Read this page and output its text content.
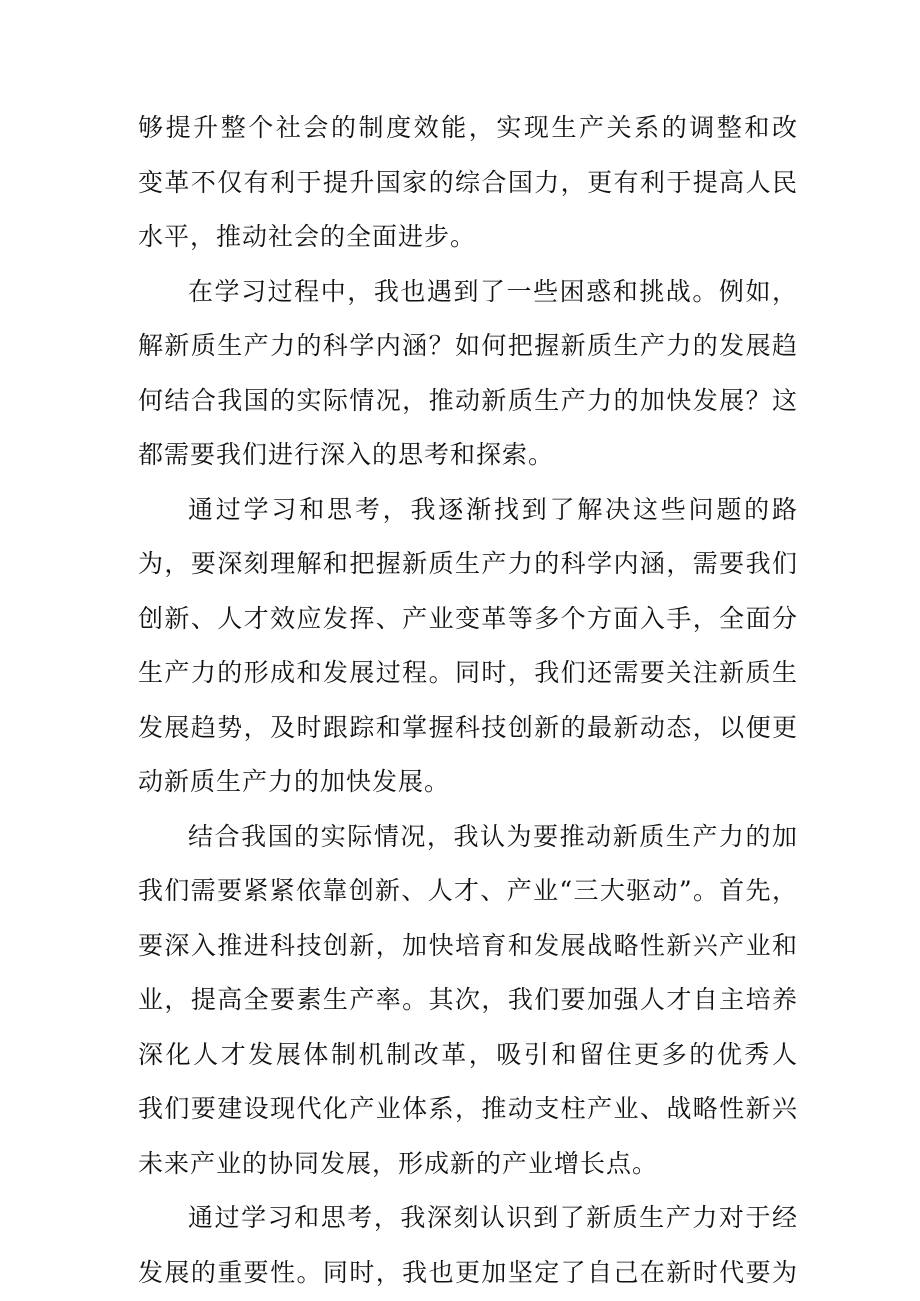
够提升整个社会的制度效能，实现生产关系的调整和改
变革不仅有利于提升国家的综合国力，更有利于提高人民
水平，推动社会的全面进步。
在学习过程中，我也遇到了一些困惑和挑战。例如，
解新质生产力的科学内涵？如何把握新质生产力的发展趋
何结合我国的实际情况，推动新质生产力的加快发展？这
都需要我们进行深入的思考和探索。
通过学习和思考，我逐渐找到了解决这些问题的路
为，要深刻理解和把握新质生产力的科学内涵，需要我们
创新、人才效应发挥、产业变革等多个方面入手，全面分
生产力的形成和发展过程。同时，我们还需要关注新质生
发展趋势，及时跟踪和掌握科技创新的最新动态，以便更
动新质生产力的加快发展。
结合我国的实际情况，我认为要推动新质生产力的加
我们需要紧紧依靠创新、人才、产业“三大驱动”。首先，
要深入推进科技创新，加快培育和发展战略性新兴产业和
业，提高全要素生产率。其次，我们要加强人才自主培养
深化人才发展体制机制改革，吸引和留住更多的优秀人
我们要建设现代化产业体系，推动支柱产业、战略性新兴
未来产业的协同发展，形成新的产业增长点。
通过学习和思考，我深刻认识到了新质生产力对于经
发展的重要性。同时，我也更加坚定了自己在新时代要为
